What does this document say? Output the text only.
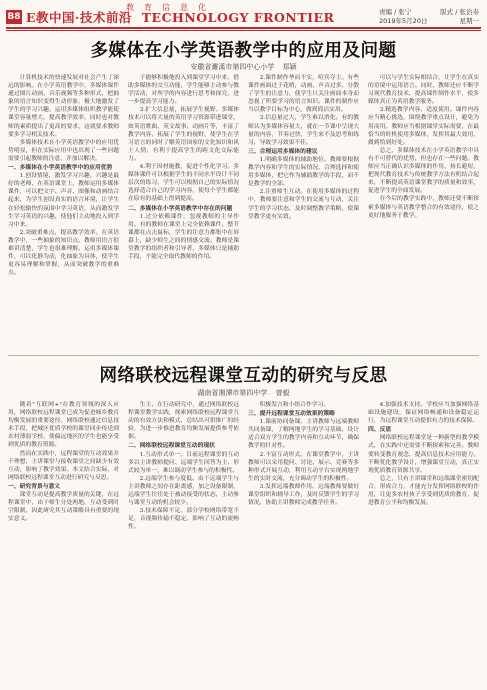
教育信息化
B8 E教中国·技术前沿 TECHNOLOGY FRONTIER	责编 / 张宁	版式 / 张治寿
2019年5月20日	星期一
多媒体在小学英语教学中的应用及问题
安徽省濉溪市第四中心小学 郑颖

计算机技术的快速发展对社会产生了深远的影响。在小学英语教学中，多媒体课件通过图片动画、音乐视频等多种形式，把抽象的语言知识变得生动形象，极大地激发了学生的学习兴趣。运用多媒体组织教学能使课堂容量增大，提高教学效率，同时也对教师的素质提出了更高的要求，这就要求教师要多学习相关技术。

多媒体技术在小学英语教学中的应用优势明显，但在实际应用中也出现了一些问题需要引起教师的注意，并加以解决。

一、多媒体在小学英语教学中的应用优势

1.创设情境，激发学习兴趣。兴趣是最好的老师，在英语课堂上，教师运用多媒体课件，可以把文字、声音、图像和动画结合起来，为学生创设真实的语言环境，让学生在轻松愉快的氛围中学习英语，从而激发学生学习英语的兴趣，使他们主动地投入到学习中来。

2.突破重难点，提高教学效率。在英语教学中，一些抽象的知识点，教师用语言很难讲清楚，学生也很难理解。运用多媒体课件，可以化静为动，化抽象为具体，使学生更容易理解和掌握，从而突破教学的重难点。

子能够积极地投入到课堂学习中来。借助多媒体的交互功能，学生能够主动参与教学活动，对所学的内容进行思考和探究，进一步提高学习能力。

3.扩大信息量，拓展学生视野。多媒体技术可以将大量的英语学习资源带进课堂，如英语歌曲、英文故事、动画片等，丰富了教学内容，拓展了学生的视野，使学生在学习语言的同时了解英语国家的文化知识和风土人情，有利于提高学生的跨文化交际能力。

4.利于因材施教，促进个性化学习。多媒体课件可以根据学生的不同水平设计不同层次的练习，学生可以根据自己的实际情况选择适合自己的学习内容，使每个学生都能在原有的基础上得到提高。

二、多媒体在小学英语教学中存在的问题

1.过分依赖课件，忽视教师的主导作用。有的教师在课堂上完全依赖课件，整节课都在点击鼠标，学生的注意力都集中在屏幕上，缺少师生之间的情感交流。教师是课堂教学的组织者和引导者，多媒体只是辅助手段，不能完全取代教师的作用。

2.课件制作华而不实，喧宾夺主。有些课件画面过于花哨，动画、声音过多，分散了学生的注意力，使学生只关注画面本身而忽视了所要学习的语言知识。课件的制作应当以教学目标为中心，做到简洁实用。

3.信息量过大，学生难以消化。有的教师认为多媒体容量大，就在一节课中呈现大量的内容，节奏过快，学生来不及思考和练习，导致学习效果不佳。

三、合理运用多媒体的建议

1.明确多媒体的辅助地位。教师要根据教学内容和学生的实际情况，合理选择和使用多媒体，把它作为辅助教学的手段，而不是教学的全部。

2.注重师生互动。在使用多媒体的过程中，教师要注意和学生的交流与互动，关注学生的学习状态，及时调整教学策略，使课堂教学更有实效。

可以与学生实际相结合，让学生在真实的语境中运用语言。同时，教师还应不断学习现代教育技术，提高课件制作水平，使多媒体真正为英语教学服务。

3.精选教学内容，适度使用。课件内容应当精心挑选，围绕教学重点设计，避免为用而用。教师应当根据课堂实际需要，在最恰当的时机使用多媒体，发挥其最大效用，做到恰到好处。

总之，多媒体技术在小学英语教学中具有不可替代的优势，但也存在一些问题。教师应当正确认识多媒体的作用，扬长避短，把现代教育技术与传统教学方法有机结合起来，不断提高英语课堂教学的质量和效率，促进学生的全面发展。

在今后的教学实践中，教师还要不断探索多媒体与英语教学整合的有效途径，使之更好地服务于教学。

网络联校远程课堂互动的研究与反思
湖南省湘潭市第四中学 曾毅

随着"互联网+"在教育领域的深入应用，网络联校远程课堂已成为促进城乡教育均衡发展的重要途径。网络联校通过信息技术手段，把城区优质学校的课堂同步传送到农村薄弱学校，使偏远地区的学生也能享受到优质的教育资源。

然而在实践中，远程课堂的互动效果并不理想，主讲课堂与接收课堂之间缺少有效互动，影响了教学效果。本文结合实际，对网络联校远程课堂互动进行研究与反思。

一、研究背景与意义

课堂互动是提高教学质量的关键，在远程课堂中，由于师生分处两地，互动受到时空限制，因此研究其互动策略具有重要的现实意义。

生主、在行动研究中，通过网络联校远程课堂教学实践，探索网络联校远程课堂互动的有效方法和模式，总结出可供推广的经验，为进一步推进教育均衡发展提供参考依据。

二、网络联校远程课堂互动的现状

1.互动形式单一。目前远程课堂的互动多以主讲教师提问、远端学生回答为主，形式较为单一，难以调动学生参与的积极性。

2.远端学生参与度低。由于远端学生与主讲教师之间存在距离感，加之设备限制，远端学生往往处于被动接受的状态，主动参与课堂互动的机会较少。

3.技术保障不足。部分学校网络带宽不足，音视频传输不稳定，影响了互动的流畅性。

积极发言和小组合作学习。

三、提升远程课堂互动效果的策略

1.课前协同备课。主讲教师与远端教师共同备课，了解两地学生的学习基础，设计适合双方学生的教学内容和互动环节，确保教学的针对性。

2.丰富互动形式。在课堂教学中，主讲教师可以采用提问、讨论、展示、竞赛等多种形式开展互动，利用互动平台实现两地学生的实时交流，充分调动学生的积极性。

3.发挥远端教师作用。远端教师要做好课堂组织和辅导工作，及时反馈学生的学习情况，协助主讲教师完成教学任务。

4.加强技术支持。学校应当加强网络基础设施建设，保证网络畅通和设备稳定运行，为远程课堂互动提供有力的技术保障。

四、反思

网络联校远程课堂是一种新型的教学模式，在实践中还需要不断探索和完善。教师要转变教育观念，提高信息技术应用能力，不断优化教学设计，增强课堂互动，真正实现优质教育资源共享。

总之，只有主讲课堂和远端课堂密切配合，形成合力，才能充分发挥网络联校的作用，让更多农村孩子享受到优质的教育，促进教育公平和均衡发展。
